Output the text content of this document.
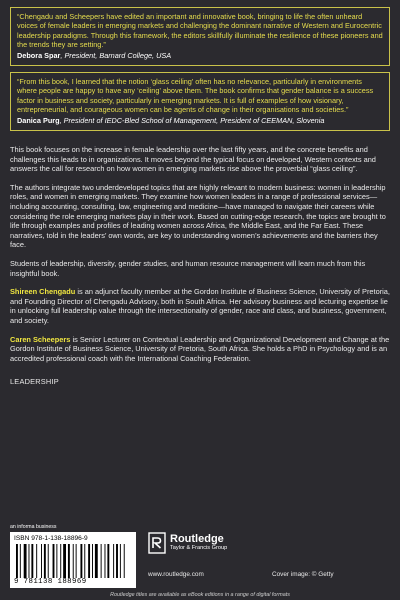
“Chengadu and Scheepers have edited an important and innovative book, bringing to life the often unheard voices of female leaders in emerging markets and challenging the dominant narrative of Western and Eurocentric leadership paradigms. Through this framework, the editors skillfully illuminate the resilience of these pioneers and the trends they are setting.”

Debora Spar, President, Barnard College, USA

“From this book, I learned that the notion ‘glass ceiling’ often has no relevance, particularly in environments where people are happy to have any ‘ceiling’ above them. The book confirms that gender balance is a success factor in business and society, particularly in emerging markets. It is full of examples of how visionary, entrepreneurial, and courageous women can be agents of change in their organisations and societies.”

Danica Purg, President of IEDC-Bled School of Management, President of CEEMAN, Slovenia

This book focuses on the increase in female leadership over the last fifty years, and the concrete benefits and challenges this leads to in organizations. It moves beyond the typical focus on developed, Western contexts and answers the call for research on how women in emerging markets rise above the proverbial “glass ceiling”.

The authors integrate two underdeveloped topics that are highly relevant to modern business: women in leadership roles, and women in emerging markets. They examine how women leaders in a range of professional services—including accounting, consulting, law, engineering and medicine—have managed to navigate their careers while considering the role emerging markets play in their work. Based on cutting-edge research, the topics are brought to life through examples and profiles of leading women across Africa, the Middle East, and the Far East. These narratives, told in the leaders’ own words, are key to understanding women’s achievements and the barriers they face.

Students of leadership, diversity, gender studies, and human resource management will learn much from this insightful book.

Shireen Chengadu is an adjunct faculty member at the Gordon Institute of Business Science, University of Pretoria, and Founding Director of Chengadu Advisory, both in South Africa. Her advisory business and lecturing expertise lie in unlocking full leadership value through the intersectionality of gender, race and class, and business, government, and society.

Caren Scheepers is Senior Lecturer on Contextual Leadership and Organizational Development and Change at the Gordon Institute of Business Science, University of Pretoria, South Africa. She holds a PhD in Psychology and is an accredited professional coach with the International Coaching Federation.

LEADERSHIP

an informa business
ISBN 978-1-138-18896-9
9 781138 188969
Routledge
Taylor & Francis Group
www.routledge.com	Cover image: © Getty
Routledge titles are available as eBook editions in a range of digital formats
